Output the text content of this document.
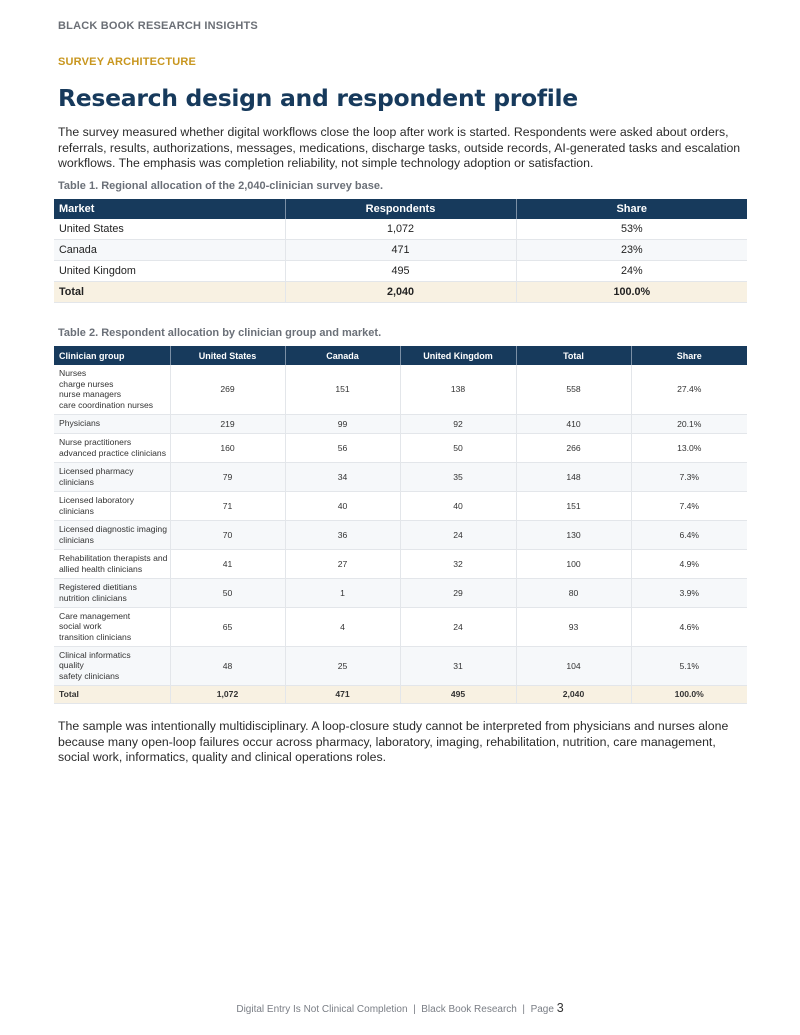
BLACK BOOK RESEARCH INSIGHTS
SURVEY ARCHITECTURE
Research design and respondent profile

The survey measured whether digital workflows close the loop after work is started. Respondents were asked about orders, referrals, results, authorizations, messages, medications, discharge tasks, outside records, AI-generated tasks and escalation workflows. The emphasis was completion reliability, not simple technology adoption or satisfaction.

Table 1. Regional allocation of the 2,040-clinician survey base.
Market	Respondents	Share
United States	1,072	53%
Canada	471	23%
United Kingdom	495	24%
Total	2,040	100.0%
Table 2. Respondent allocation by clinician group and market.
Clinician group	United States	Canada	United Kingdom	Total	Share

Nurses
charge nurses
nurse managers
care coordination nurses	269	151	138	558	27.4%

Physicians	219	99	92	410	20.1%

Nurse practitioners
advanced practice clinicians	160	56	50	266	13.0%

Licensed pharmacy
clinicians	79	34	35	148	7.3%

Licensed laboratory
clinicians	71	40	40	151	7.4%

Licensed diagnostic imaging
clinicians	70	36	24	130	6.4%

Rehabilitation therapists and
allied health clinicians	41	27	32	100	4.9%

Registered dietitians
nutrition clinicians	50	1	29	80	3.9%

Care management
social work
transition clinicians	65	4	24	93	4.6%

Clinical informatics
quality
safety clinicians	48	25	31	104	5.1%
Total	1,072	471	495	2,040	100.0%

The sample was intentionally multidisciplinary. A loop-closure study cannot be interpreted from physicians and nurses alone because many open-loop failures occur across pharmacy, laboratory, imaging, rehabilitation, nutrition, care management, social work, informatics, quality and clinical operations roles.

Digital Entry Is Not Clinical Completion  |  Black Book Research  |  Page 3
